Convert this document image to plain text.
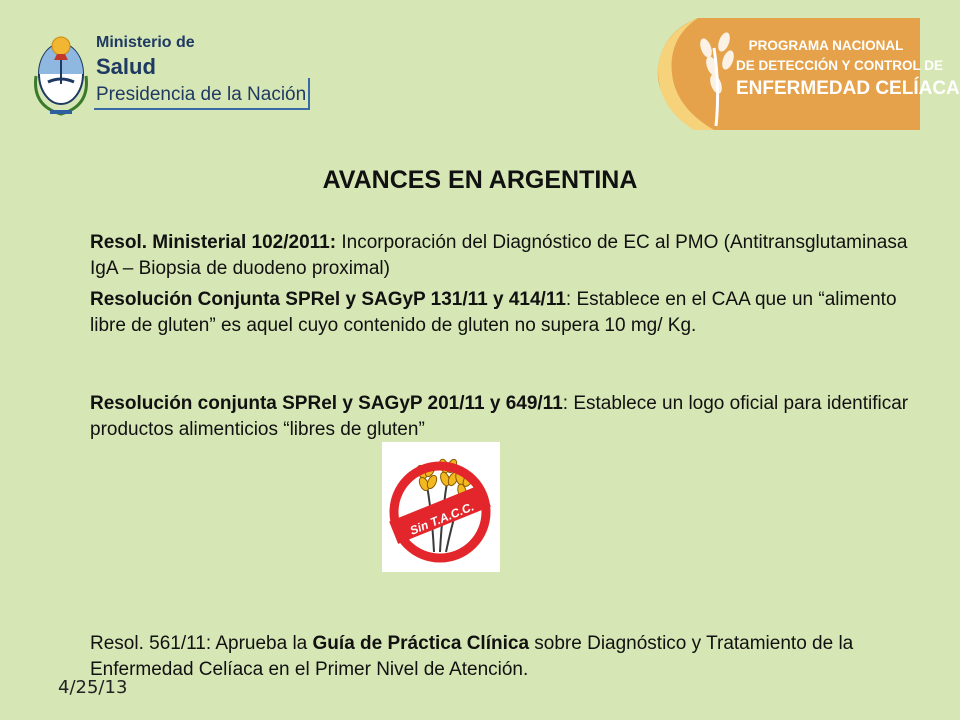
Ministerio de
Salud
Presidencia de la Nación
PROGRAMA NACIONAL
DE DETECCIÓN Y CONTROL DE
ENFERMEDAD CELÍACA
AVANCES EN ARGENTINA
Resol. Ministerial 102/2011: Incorporación del Diagnóstico de EC al PMO (Antitransglutaminasa IgA – Biopsia de duodeno proximal)
Resolución Conjunta SPRel y SAGyP 131/11 y 414/11: Establece en el CAA que un “alimento libre de gluten” es aquel cuyo contenido de gluten no supera 10 mg/ Kg.
Resolución conjunta SPRel y SAGyP 201/11 y 649/11: Establece un logo oficial para identificar productos alimenticios “libres de gluten”
Sin T.A.C.C.
Resol. 561/11: Aprueba la Guía de Práctica Clínica sobre Diagnóstico y Tratamiento de la Enfermedad Celíaca en el Primer Nivel de Atención.
4/25/13
